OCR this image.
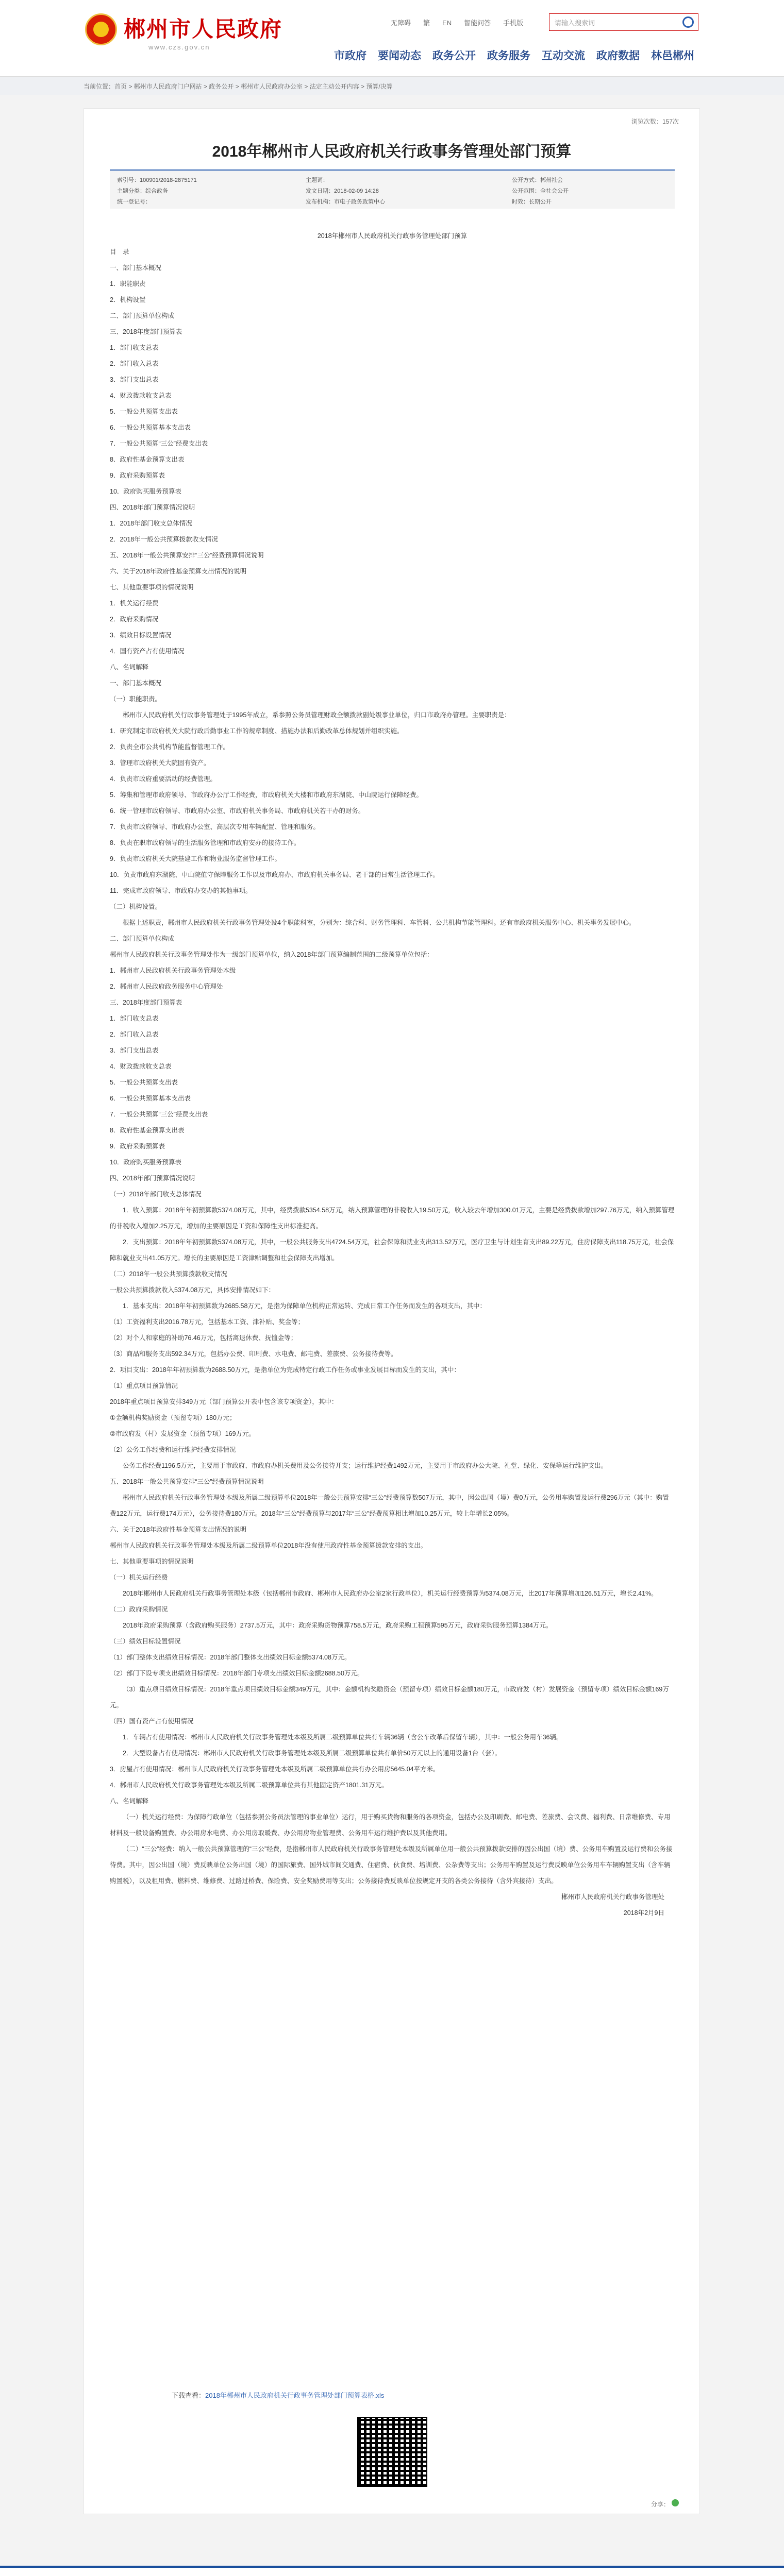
郴州市人民政府
www.czs.gov.cn
无障碍 繁 EN 智能问答 手机版	请输入搜索词
市政府 要闻动态 政务公开 政务服务 互动交流 政府数据 林邑郴州
当前位置：首页 > 郴州市人民政府门户网站 > 政务公开 > 郴州市人民政府办公室 > 法定主动公开内容 > 预算/决算
浏览次数：157次
2018年郴州市人民政府机关行政事务管理处部门预算
索引号：100901/2018-2875171	主题词：	公开方式：郴州社会
主题分类：综合政务	发文日期：2018-02-09 14:28	公开范围：全社会公开
统一登记号：	发布机构：市电子政务政策中心	时效：长期公开

2018年郴州市人民政府机关行政事务管理处部门预算

目　录

一、部门基本概况

1．职能职责

2．机构设置

二、部门预算单位构成

三、2018年度部门预算表

1．部门收支总表

2．部门收入总表

3．部门支出总表

4．财政拨款收支总表

5．一般公共预算支出表

6．一般公共预算基本支出表

7．一般公共预算“三公”经费支出表

8．政府性基金预算支出表

9．政府采购预算表

10．政府购买服务预算表

四、2018年部门预算情况说明

1．2018年部门收支总体情况

2．2018年一般公共预算拨款收支情况

五、2018年一般公共预算安排“三公”经费预算情况说明

六、关于2018年政府性基金预算支出情况的说明

七、其他重要事项的情况说明

1．机关运行经费

2．政府采购情况

3．绩效目标设置情况

4．国有资产占有使用情况

八、名词解释

一、部门基本概况

（一）职能职责。

郴州市人民政府机关行政事务管理处于1995年成立，系参照公务员管理财政全额拨款副处级事业单位，归口市政府办管理。主要职责是：

1．研究制定市政府机关大院行政后勤事业工作的规章制度、措施办法和后勤改革总体规划并组织实施。

2．负责全市公共机构节能监督管理工作。

3．管理市政府机关大院固有资产。

4．负责市政府重要活动的经费管理。

5．筹集和管理市政府领导、市政府办公厅工作经费，市政府机关大楼和市政府东湖院、中山院运行保障经费。

6．统一管理市政府领导、市政府办公室、市政府机关事务局、市政府机关若干办的财务。

7．负责市政府领导、市政府办公室、高层次专用车辆配置、管理和服务。

8．负责在职市政府领导的生活服务管理和市政府安办的接待工作。

9．负责市政府机关大院基建工作和物业服务监督管理工作。

10．负责市政府东湖院、中山院值守保障服务工作以及市政府办、市政府机关事务局、老干部的日常生活管理工作。

11．完成市政府领导、市政府办交办的其他事项。

（二）机构设置。

根据上述职责，郴州市人民政府机关行政事务管理处设4个职能科室，分别为：综合科、财务管理科、车管科、公共机构节能管理科。还有市政府机关服务中心、机关事务发展中心。

二、部门预算单位构成

郴州市人民政府机关行政事务管理处作为一级部门预算单位，纳入2018年部门预算编制范围的二级预算单位包括：

1．郴州市人民政府机关行政事务管理处本级

2．郴州市人民政府政务服务中心管理处

三、2018年度部门预算表

1．部门收支总表

2．部门收入总表

3．部门支出总表

4．财政拨款收支总表

5．一般公共预算支出表

6．一般公共预算基本支出表

7．一般公共预算“三公”经费支出表

8．政府性基金预算支出表

9．政府采购预算表

10．政府购买服务预算表

四、2018年部门预算情况说明

（一）2018年部门收支总体情况

1．收入预算：2018年年初预算数5374.08万元，其中，经费拨款5354.58万元，纳入预算管理的非税收入19.50万元，收入较去年增加300.01万元，主要是经费拨款增加297.76万元，纳入预算管理的非税收入增加2.25万元，增加的主要原因是工资和保障性支出标准提高。

2．支出预算：2018年年初预算数5374.08万元，其中，一般公共服务支出4724.54万元，社会保障和就业支出313.52万元，医疗卫生与计划生育支出89.22万元，住房保障支出118.75万元，社会保障和就业支出41.05万元。增长的主要原因是工资津贴调整和社会保障支出增加。

（二）2018年一般公共预算拨款收支情况

一般公共预算拨款收入5374.08万元，具体安排情况如下：

1．基本支出：2018年年初预算数为2685.58万元，是指为保障单位机构正常运转、完成日常工作任务而发生的各项支出，其中：

（1）工资福利支出2016.78万元，包括基本工资、津补贴、奖金等；

（2）对个人和家庭的补助76.46万元，包括离退休费、抚恤金等；

（3）商品和服务支出592.34万元，包括办公费、印刷费、水电费、邮电费、差旅费、公务接待费等。

2．项目支出：2018年年初预算数为2688.50万元，是指单位为完成特定行政工作任务或事业发展目标而发生的支出，其中：

（1）重点项目预算情况

2018年重点项目预算安排349万元（部门预算公开表中包含该专项资金），其中：

①金额机构奖励资金（预留专项）180万元；

②市政府发（村）发展资金（预留专项）169万元。

（2）公务工作经费和运行维护经费安排情况

公务工作经费1196.5万元，主要用于市政府、市政府办机关费用及公务接待开支；运行维护经费1492万元，主要用于市政府办公大院、礼堂、绿化、安保等运行维护支出。

五、2018年一般公共预算安排“三公”经费预算情况说明

郴州市人民政府机关行政事务管理处本级及所属二级预算单位2018年一般公共预算安排“三公”经费预算数507万元，其中，因公出国（境）费0万元，公务用车购置及运行费296万元（其中：购置费122万元，运行费174万元），公务接待费180万元。2018年“三公”经费预算与2017年“三公”经费预算相比增加10.25万元，较上年增长2.05%。

六、关于2018年政府性基金预算支出情况的说明

郴州市人民政府机关行政事务管理处本级及所属二级预算单位2018年没有使用政府性基金预算拨款安排的支出。

七、其他重要事项的情况说明

（一）机关运行经费

2018年郴州市人民政府机关行政事务管理处本级（包括郴州市政府、郴州市人民政府办公室2家行政单位），机关运行经费预算为5374.08万元，比2017年预算增加126.51万元，增长2.41%。

（二）政府采购情况

2018年政府采购预算（含政府购买服务）2737.5万元，其中：政府采购货物预算758.5万元，政府采购工程预算595万元，政府采购服务预算1384万元。

（三）绩效目标设置情况

（1）部门整体支出绩效目标情况：2018年部门整体支出绩效目标金额5374.08万元。

（2）部门下设专项支出绩效目标情况：2018年部门专项支出绩效目标金额2688.50万元。

（3）重点项目绩效目标情况：2018年重点项目绩效目标金额349万元，其中：金额机构奖励资金（预留专项）绩效目标金额180万元，市政府发（村）发展资金（预留专项）绩效目标金额169万元。

（四）国有资产占有使用情况

1．车辆占有使用情况：郴州市人民政府机关行政事务管理处本级及所属二级预算单位共有车辆36辆（含公车改革后保留车辆），其中：一般公务用车36辆。

2．大型设备占有使用情况：郴州市人民政府机关行政事务管理处本级及所属二级预算单位共有单价50万元以上的通用设备1台（套）。

3．房屋占有使用情况：郴州市人民政府机关行政事务管理处本级及所属二级预算单位共有办公用房5645.04平方米。

4．郴州市人民政府机关行政事务管理处本级及所属二级预算单位共有其他固定资产1801.31万元。

八、名词解释

（一）机关运行经费：为保障行政单位（包括参照公务员法管理的事业单位）运行，用于购买货物和服务的各项资金，包括办公及印刷费、邮电费、差旅费、会议费、福利费、日常维修费、专用材料及一般设备购置费、办公用房水电费、办公用房取暖费、办公用房物业管理费、公务用车运行维护费以及其他费用。

（二）“三公”经费：纳入一般公共预算管理的“三公”经费，是指郴州市人民政府机关行政事务管理处本级及所属单位用一般公共预算拨款安排的因公出国（境）费、公务用车购置及运行费和公务接待费。其中，因公出国（境）费反映单位公务出国（境）的国际旅费、国外城市间交通费、住宿费、伙食费、培训费、公杂费等支出；公务用车购置及运行费反映单位公务用车车辆购置支出（含车辆购置税），以及租用费、燃料费、维修费、过路过桥费、保险费、安全奖励费用等支出；公务接待费反映单位按规定开支的各类公务接待（含外宾接待）支出。

郴州市人民政府机关行政事务管理处

2018年2月9日

下载查看：2018年郴州市人民政府机关行政事务管理处部门预算表格.xls
分享：
